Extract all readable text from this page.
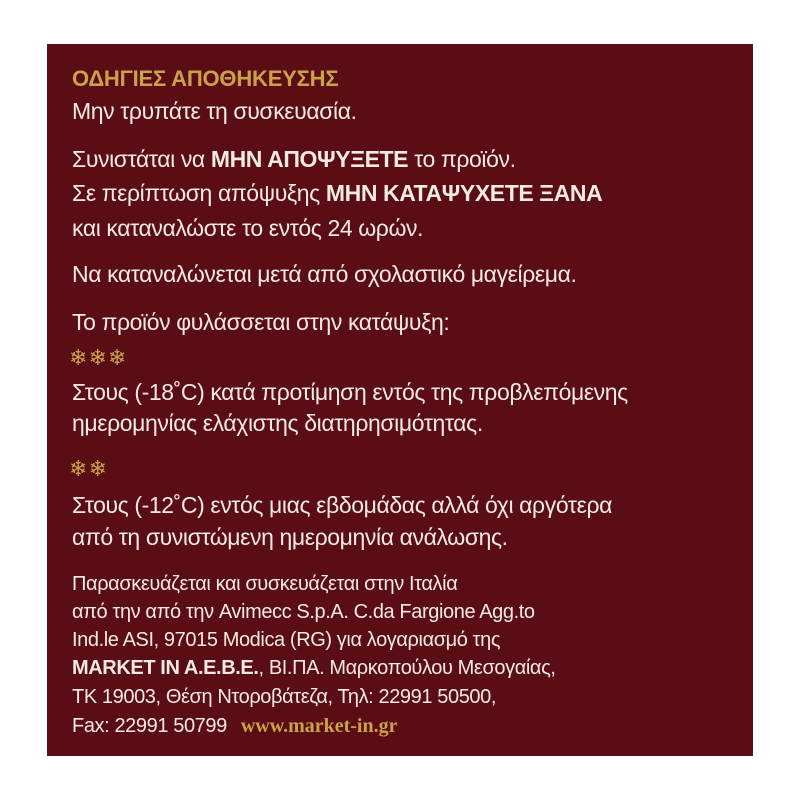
ΟΔΗΓΙΕΣ ΑΠΟΘΗΚΕΥΣΗΣ
Μην τρυπάτε τη συσκευασία.
Συνιστάται να ΜΗΝ ΑΠΟΨΥΞΕΤΕ το προϊόν.
Σε περίπτωση απόψυξης ΜΗΝ ΚΑΤΑΨΥΧΕΤΕ ΞΑΝΑ
και καταναλώστε το εντός 24 ωρών.
Να καταναλώνεται μετά από σχολαστικό μαγείρεμα.
Το προϊόν φυλάσσεται στην κατάψυξη:
❄❄❄
Στους (-18˚C) κατά προτίμηση εντός της προβλεπόμενης
ημερομηνίας ελάχιστης διατηρησιμότητας.
❄❄
Στους (-12˚C) εντός μιας εβδομάδας αλλά όχι αργότερα
από τη συνιστώμενη ημερομηνία ανάλωσης.
Παρασκευάζεται και συσκευάζεται στην Ιταλία
από την από την Avimecc S.p.A. C.da Fargione Agg.to
Ind.le ASI, 97015 Modica (RG) για λογαριασμό της
MARKET IN A.E.B.E., ΒΙ.ΠΑ. Μαρκοπούλου Μεσογαίας,
ΤΚ 19003, Θέση Ντοροβάτεζα, Τηλ: 22991 50500,
Fax: 22991 50799 www.market-in.gr
